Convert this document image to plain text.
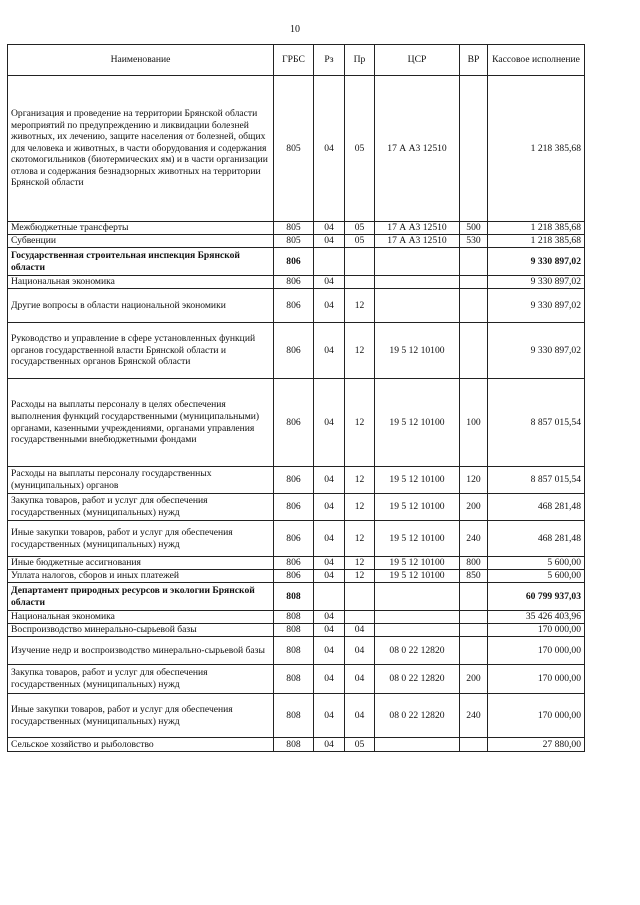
10
Наименование	ГРБС	Рз	Пр	ЦСР	ВР	Кассовое исполнение
Организация и проведение на территории Брянской области мероприятий по предупреждению и ликвидации болезней животных, их лечению, защите населения от болезней, общих для человека и животных, в части оборудования и содержания скотомогильников (биотермических ям) и в части организации отлова и содержания безнадзорных животных на территории Брянской области	805	04	05	17 А А3 12510		1 218 385,68
Межбюджетные трансферты	805	04	05	17 А А3 12510	500	1 218 385,68
Субвенции	805	04	05	17 А А3 12510	530	1 218 385,68
Государственная строительная инспекция Брянской области	806					9 330 897,02
Национальная экономика	806	04				9 330 897,02
Другие вопросы в области национальной экономики	806	04	12			9 330 897,02
Руководство и управление в сфере установленных функций органов государственной власти Брянской области и государственных органов Брянской области	806	04	12	19 5 12 10100		9 330 897,02
Расходы на выплаты персоналу в целях обеспечения выполнения функций государственными (муниципальными) органами, казенными учреждениями, органами управления государственными внебюджетными фондами	806	04	12	19 5 12 10100	100	8 857 015,54
Расходы на выплаты персоналу государственных (муниципальных) органов	806	04	12	19 5 12 10100	120	8 857 015,54
Закупка товаров, работ и услуг для обеспечения государственных (муниципальных) нужд	806	04	12	19 5 12 10100	200	468 281,48
Иные закупки товаров, работ и услуг для обеспечения государственных (муниципальных) нужд	806	04	12	19 5 12 10100	240	468 281,48
Иные бюджетные ассигнования	806	04	12	19 5 12 10100	800	5 600,00
Уплата налогов, сборов и иных платежей	806	04	12	19 5 12 10100	850	5 600,00
Департамент природных ресурсов и экологии Брянской области	808					60 799 937,03
Национальная экономика	808	04				35 426 403,96
Воспроизводство минерально-сырьевой базы	808	04	04			170 000,00
Изучение недр и воспроизводство минерально-сырьевой базы	808	04	04	08 0 22 12820		170 000,00
Закупка товаров, работ и услуг для обеспечения государственных (муниципальных) нужд	808	04	04	08 0 22 12820	200	170 000,00
Иные закупки товаров, работ и услуг для обеспечения государственных (муниципальных) нужд	808	04	04	08 0 22 12820	240	170 000,00
Сельское хозяйство и рыболовство	808	04	05			27 880,00
